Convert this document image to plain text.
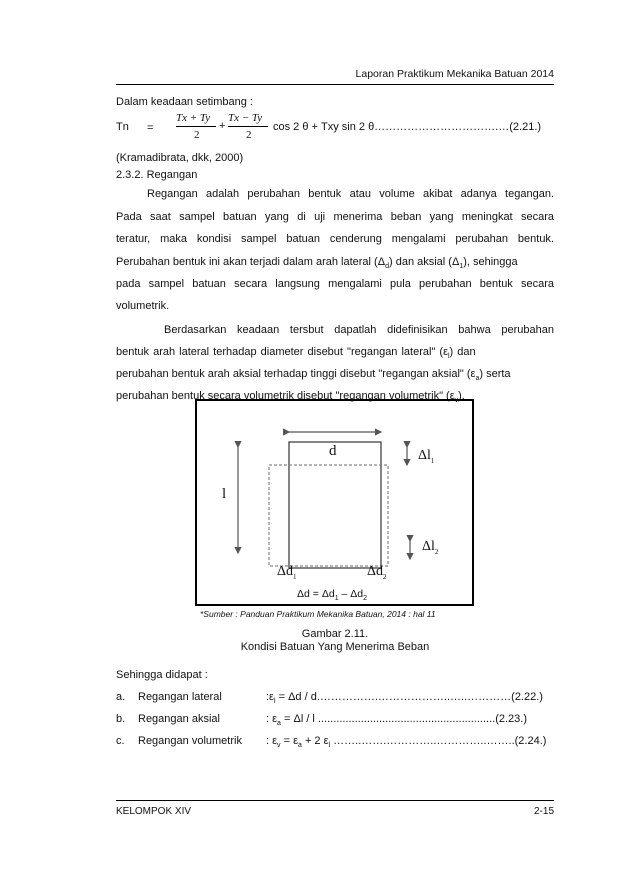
Laporan Praktikum Mekanika Batuan 2014
Dalam keadaan setimbang :
Tn =
Tx + Ty
2
+
Tx − Ty
2
cos 2 θ + Txy sin 2 θ…………………………….…(2.21.)
(Kramadibrata, dkk, 2000)
2.3.2. Regangan
Regangan adalah perubahan bentuk atau volume akibat adanya tegangan.
Pada saat sampel batuan yang di uji menerima beban yang meningkat secara
teratur, maka kondisi sampel batuan cenderung mengalami perubahan bentuk.
Perubahan bentuk ini akan terjadi dalam arah lateral $(\Delta_d)$ dan aksial $(\Delta_1)$, sehingga
pada sampel batuan secara langsung mengalami pula perubahan bentuk secara
volumetrik.
Berdasarkan keadaan tersbut dapatlah didefinisikan bahwa perubahan
bentuk arah lateral terhadap diameter disebut "regangan lateral" $(\varepsilon_l)$ dan
perubahan bentuk arah aksial terhadap tinggi disebut "regangan aksial" $(\varepsilon_a)$ serta
perubahan bentuk secara volumetrik disebut "regangan volumetrik" $(\varepsilon_v)$.
d
l
$\Delta l_1$
$\Delta l_2$
$\Delta d_1$	$\Delta d_2$
$\Delta d = \Delta d_1 - \Delta d_2$
*Sumber : Panduan Praktikum Mekanika Batuan, 2014 : hal 11
Gambar 2.11.
Kondisi Batuan Yang Menerima Beban
Sehingga didapat :
a. Regangan lateral	$:\varepsilon_l = \Delta d$ / d.…………….………………..…..…………(2.22.)
b. Regangan aksial	: $\varepsilon_a = \Delta l / l$ ..........................................................(2.23.)
c. Regangan volumetrik : $\varepsilon_v = \varepsilon_a + 2$ $\varepsilon_l$ ……..…….…………..…………..……..(2.24.)
KELOMPOK XIV	2-15
